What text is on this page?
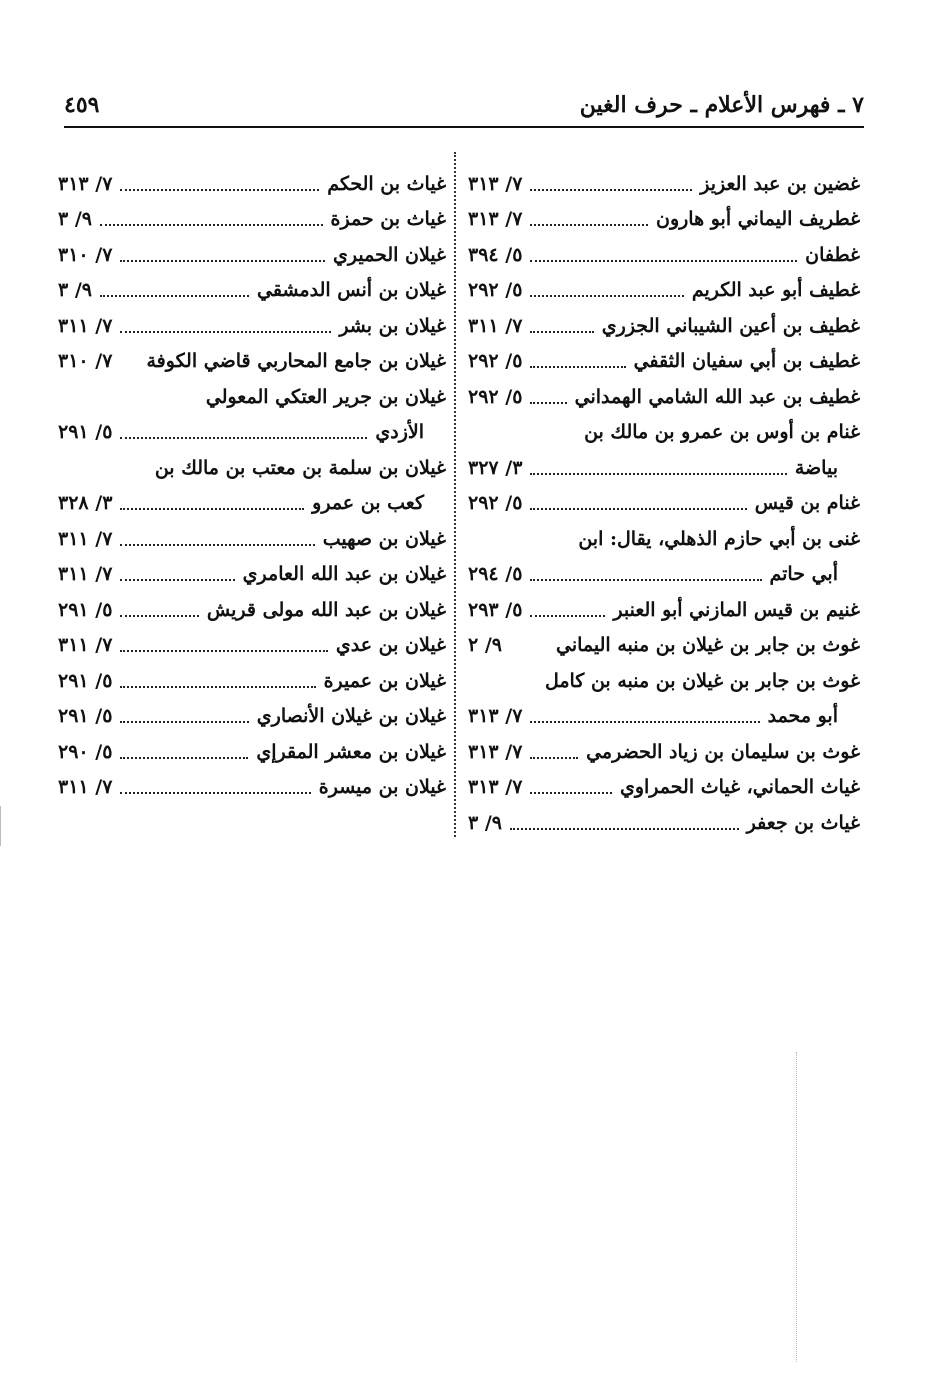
٧ ـ فهرس الأعلام ـ حرف الغين
٤٥٩
غضين بن عبد العزيز
٧/ ٣١٣
غطريف اليماني أبو هارون
٧/ ٣١٣
غطفان
٥/ ٣٩٤
غطيف أبو عبد الكريم
٥/ ٢٩٢
غطيف بن أعين الشيباني الجزري
٧/ ٣١١
غطيف بن أبي سفيان الثقفي
٥/ ٢٩٢
غطيف بن عبد الله الشامي الهمداني
٥/ ٢٩٢
غنام بن أوس بن عمرو بن مالك بن
بياضة
٣/ ٣٢٧
غنام بن قيس
٥/ ٢٩٢
غنى بن أبي حازم الذهلي، يقال: ابن
أبي حاتم
٥/ ٢٩٤
غنيم بن قيس المازني أبو العنبر
٥/ ٢٩٣
غوث بن جابر بن غيلان بن منبه اليماني
٩/ ٢
غوث بن جابر بن غيلان بن منبه بن كامل
أبو محمد
٧/ ٣١٣
غوث بن سليمان بن زياد الحضرمي
٧/ ٣١٣
غياث الحماني، غياث الحمراوي
٧/ ٣١٣
غياث بن جعفر
٩/ ٣
غياث بن الحكم
٧/ ٣١٣
غياث بن حمزة
٩/ ٣
غيلان الحميري
٧/ ٣١٠
غيلان بن أنس الدمشقي
٩/ ٣
غيلان بن بشر
٧/ ٣١١
غيلان بن جامع المحاربي قاضي الكوفة
٧/ ٣١٠
غيلان بن جرير العتكي المعولي
الأزدي
٥/ ٢٩١
غيلان بن سلمة بن معتب بن مالك بن
كعب بن عمرو
٣/ ٣٢٨
غيلان بن صهيب
٧/ ٣١١
غيلان بن عبد الله العامري
٧/ ٣١١
غيلان بن عبد الله مولى قريش
٥/ ٢٩١
غيلان بن عدي
٧/ ٣١١
غيلان بن عميرة
٥/ ٢٩١
غيلان بن غيلان الأنصاري
٥/ ٢٩١
غيلان بن معشر المقرإي
٥/ ٢٩٠
غيلان بن ميسرة
٧/ ٣١١
